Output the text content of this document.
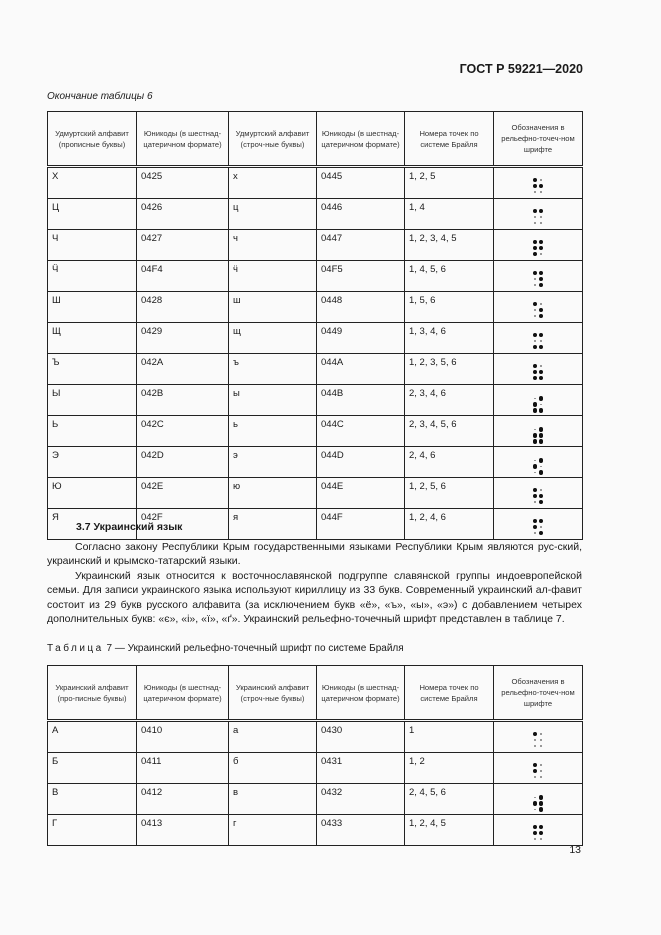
ГОСТ Р 59221—2020
Окончание таблицы 6
Удмуртский алфавит (прописные буквы)	Юникоды (в шестнад-цатеричном формате)	Удмуртский алфавит (строч-ные буквы)	Юникоды (в шестнад-цатеричном формате)	Номера точек по системе Брайля	Обозначения в рельефно-точеч-ном шрифте
Х	0425	х	0445	1, 2, 5	

Ц	0426	ц	0446	1, 4	

Ч	0427	ч	0447	1, 2, 3, 4, 5	

Ӵ	04F4	ӵ	04F5	1, 4, 5, 6	

Ш	0428	ш	0448	1, 5, 6	

Щ	0429	щ	0449	1, 3, 4, 6	

Ъ	042A	ъ	044A	1, 2, 3, 5, 6	

Ы	042B	ы	044B	2, 3, 4, 6	

Ь	042C	ь	044C	2, 3, 4, 5, 6	

Э	042D	э	044D	2, 4, 6	

Ю	042E	ю	044E	1, 2, 5, 6	

Я	042F	я	044F	1, 2, 4, 6	
3.7 Украинский язык

Согласно закону Республики Крым государственными языками Республики Крым являются рус-ский, украинский и крымско-татарский языки.

Украинский язык относится к восточнославянской подгруппе славянской группы индоевропейской семьи. Для записи украинского языка используют кириллицу из 33 букв. Современный украинский ал-фавит состоит из 29 букв русского алфавита (за исключением букв «ё», «ъ», «ы», «э») с добавлением четырех дополнительных букв: «є», «і», «ї», «ґ». Украинский рельефно-точечный шрифт представлен в таблице 7.

Таблица 7 — Украинский рельефно-точечный шрифт по системе Брайля
Украинский алфавит (про-писные буквы)	Юникоды (в шестнад-цатеричном формате)	Украинский алфавит (строч-ные буквы)	Юникоды (в шестнад-цатеричном формате)	Номера точек по системе Брайля	Обозначения в рельефно-точеч-ном шрифте
А	0410	а	0430	1	

Б	0411	б	0431	1, 2	

В	0412	в	0432	2, 4, 5, 6	

Г	0413	г	0433	1, 2, 4, 5	
13
